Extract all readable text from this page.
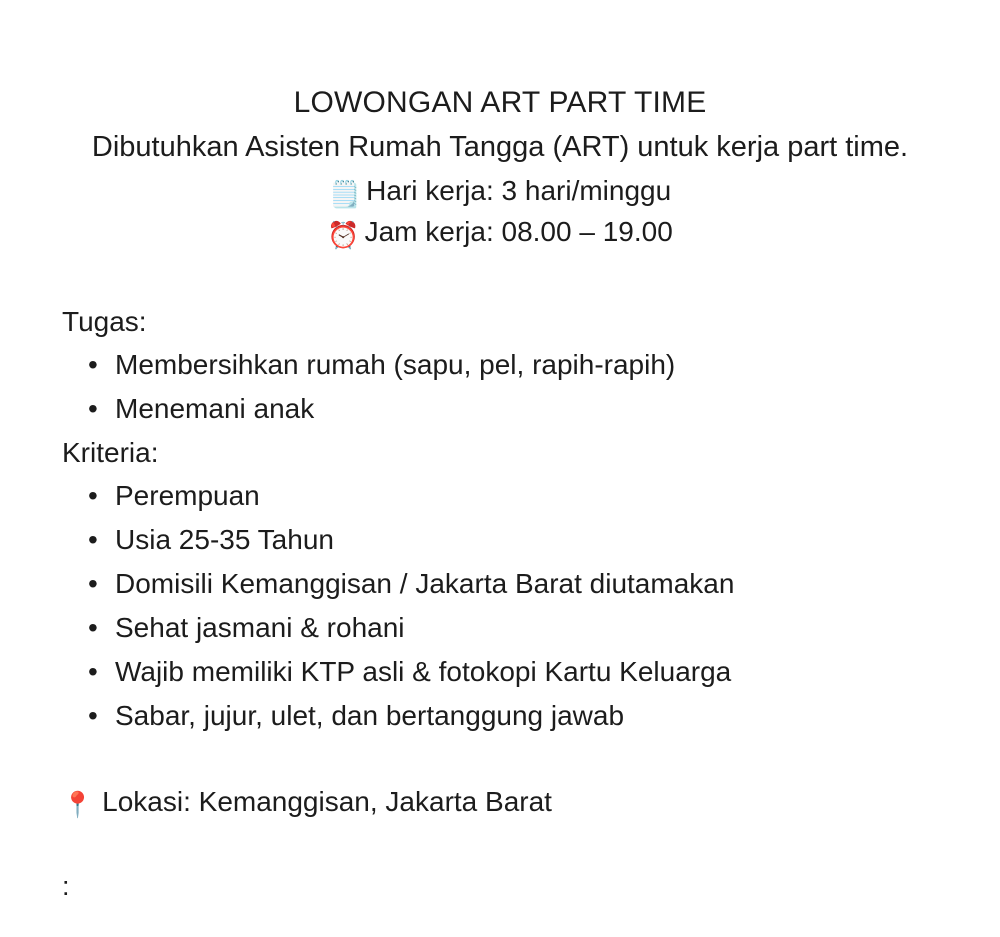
LOWONGAN ART PART TIME

Dibutuhkan Asisten Rumah Tangga (ART) untuk kerja part time.

🗒️ Hari kerja: 3 hari/minggu

⏰ Jam kerja: 08.00 – 19.00

Tugas:

• Membersihkan rumah (sapu, pel, rapih-rapih)
• Menemani anak

Kriteria:

• Perempuan
• Usia 25-35 Tahun
• Domisili Kemanggisan / Jakarta Barat diutamakan
• Sehat jasmani & rohani
• Wajib memiliki KTP asli & fotokopi Kartu Keluarga
• Sabar, jujur, ulet, dan bertanggung jawab

📍 Lokasi: Kemanggisan, Jakarta Barat

:
